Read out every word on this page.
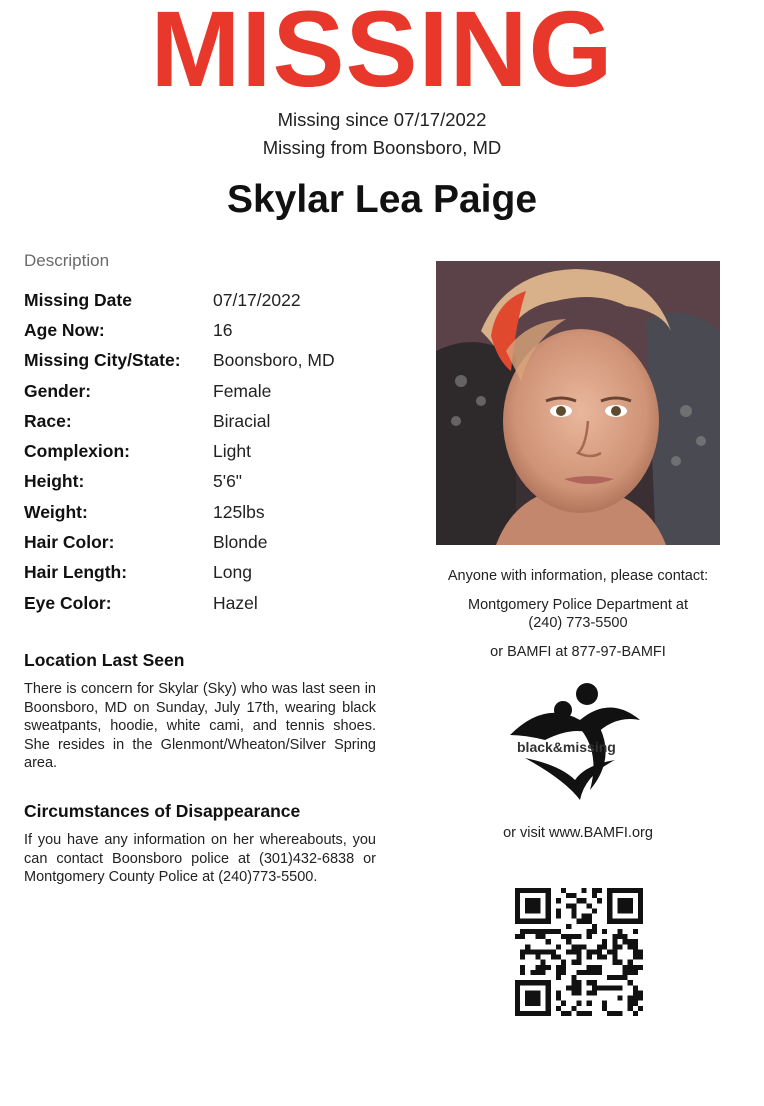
MISSING
Missing since 07/17/2022
Missing from Boonsboro, MD
Skylar Lea Paige
Description
Missing Date	07/17/2022
Age Now:	16
Missing City/State:	Boonsboro, MD
Gender:	Female
Race:	Biracial
Complexion:	Light
Height:	5'6"
Weight:	125lbs
Hair Color:	Blonde
Hair Length:	Long
Eye Color:	Hazel
Location Last Seen
There is concern for Skylar (Sky) who was last seen in Boonsboro, MD on Sunday, July 17th, wearing black sweatpants, hoodie, white cami, and tennis shoes. She resides in the Glenmont/Wheaton/Silver Spring area.
Circumstances of Disappearance
If you have any information on her whereabouts, you can contact Boonsboro police at (301)432-6838 or Montgomery County Police at (240)773-5500.
Anyone with information, please contact:
Montgomery Police Department at
(240) 773-5500
or BAMFI at 877-97-BAMFI
black&missing
or visit www.BAMFI.org
